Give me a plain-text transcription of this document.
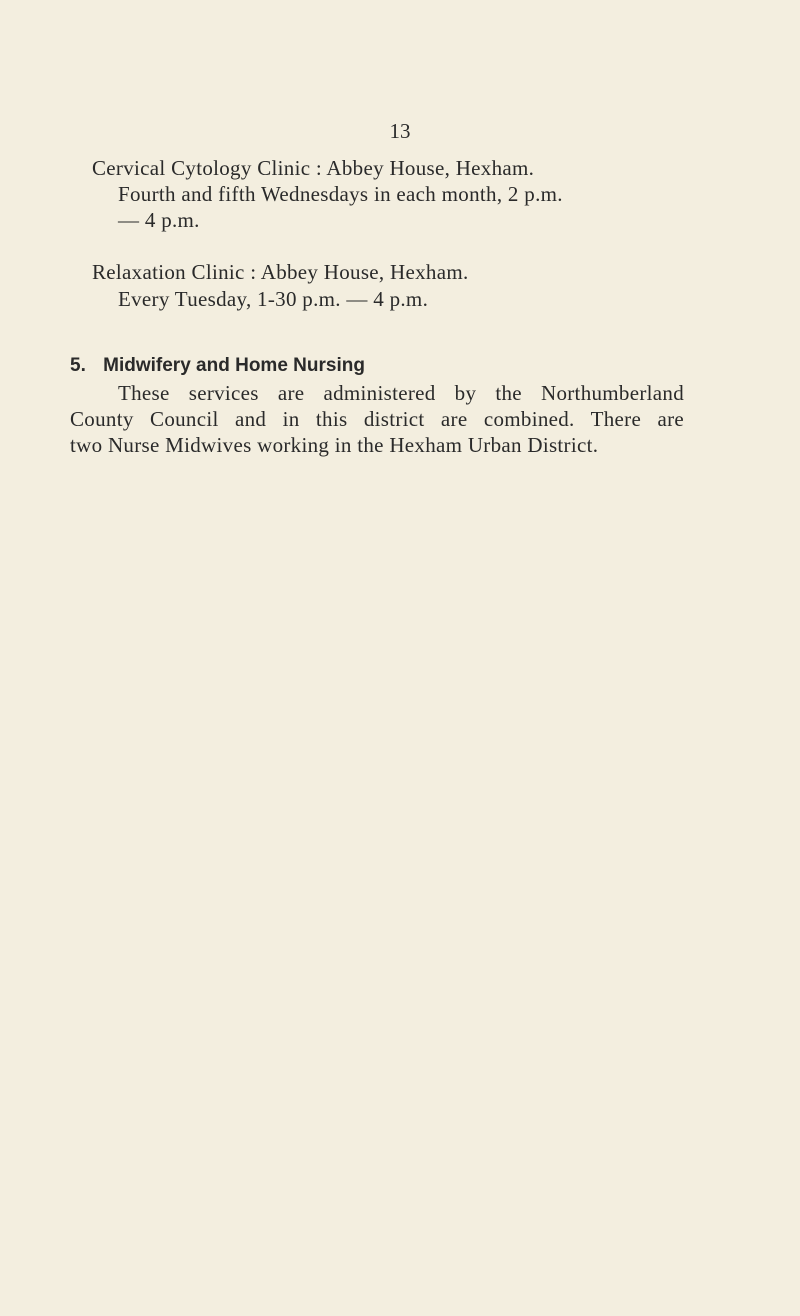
13
Cervical Cytology Clinic : Abbey House, Hexham.
Fourth and fifth Wednesdays in each month, 2 p.m.
— 4 p.m.
Relaxation Clinic : Abbey House, Hexham.
Every Tuesday, 1-30 p.m. — 4 p.m.
5. Midwifery and Home Nursing
These services are administered by the Northumberland
County Council and in this district are combined. There are
two Nurse Midwives working in the Hexham Urban District.
